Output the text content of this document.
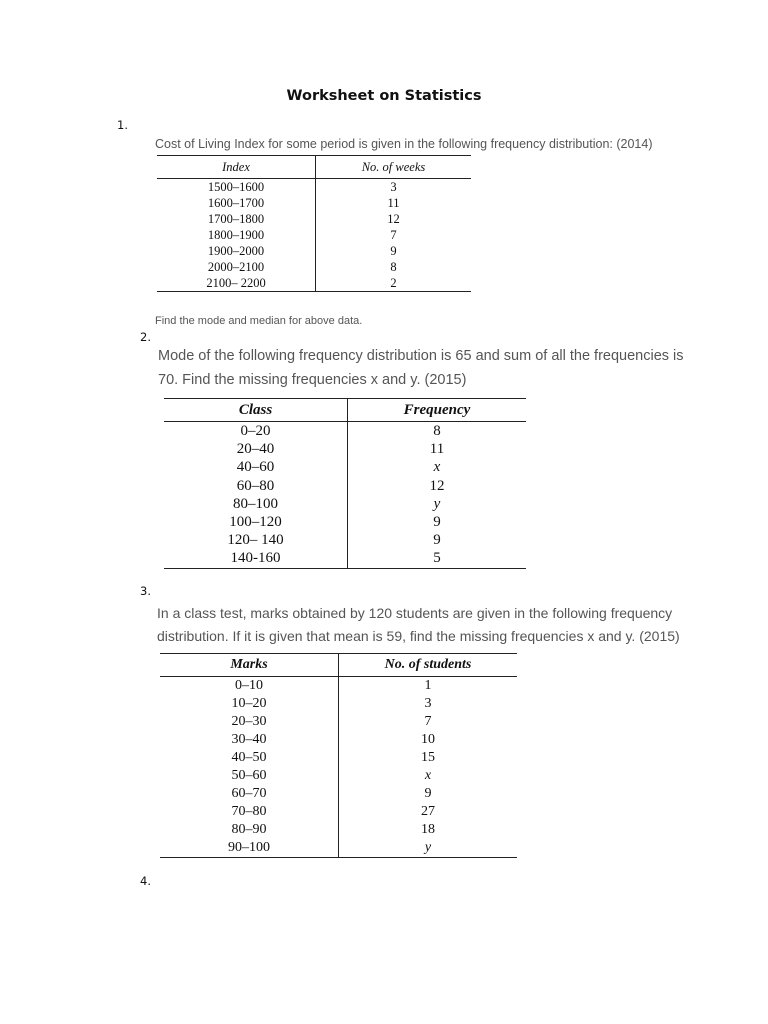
Worksheet on Statistics
1.
Cost of Living Index for some period is given in the following frequency distribution: (2014)
Index	No. of weeks
1500–1600	3
1600–1700	11
1700–1800	12
1800–1900	7
1900–2000	9
2000–2100	8
2100– 2200	2
Find the mode and median for above data.
2.
Mode of the following frequency distribution is 65 and sum of all the frequencies is
70. Find the missing frequencies x and y. (2015)
Class	Frequency
0–20	8
20–40	11
40–60	x
60–80	12
80–100	y
100–120	9
120– 140	9
140-160	5
3.
In a class test, marks obtained by 120 students are given in the following frequency
distribution. If it is given that mean is 59, find the missing frequencies x and y. (2015)
Marks	No. of students
0–10	1
10–20	3
20–30	7
30–40	10
40–50	15
50–60	x
60–70	9
70–80	27
80–90	18
90–100	y
4.
